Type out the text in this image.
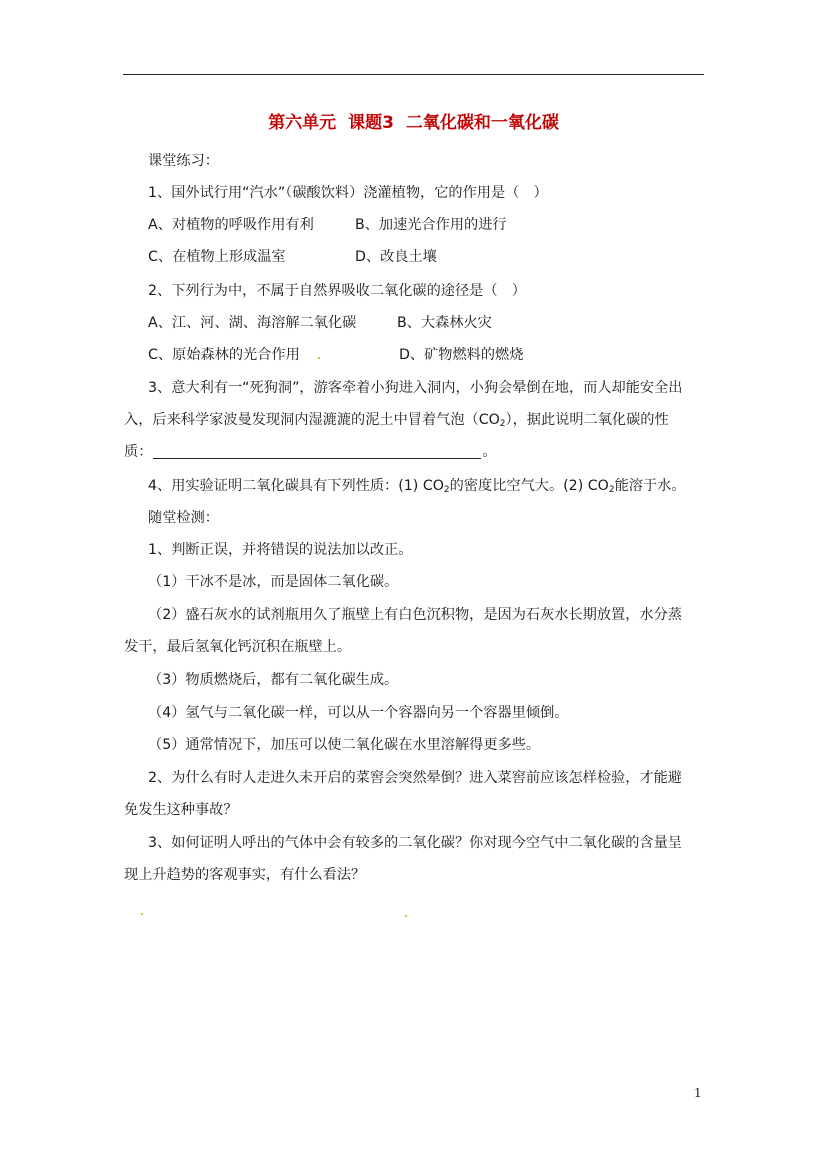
第六单元 课题3 二氧化碳和一氧化碳
课堂练习：
1、国外试行用“汽水”（碳酸饮料）浇灌植物，它的作用是（　）
A、对植物的呼吸作用有利	B、加速光合作用的进行
C、在植物上形成温室	D、改良土壤
2、下列行为中，不属于自然界吸收二氧化碳的途径是（　）
A、江、河、湖、海溶解二氧化碳	B、大森林火灾
C、原始森林的光合作用	D、矿物燃料的燃烧
3、意大利有一“死狗洞”，游客牵着小狗进入洞内，小狗会晕倒在地，而人却能安全出
入，后来科学家波曼发现洞内湿漉漉的泥土中冒着气泡$(CO_2)$，据此说明二氧化碳的性
质：	。
4、用实验证明二氧化碳具有下列性质：(1) $CO_2$的密度比空气大。(2) $CO_2$能溶于水。
随堂检测：
1、判断正误，并将错误的说法加以改正。
（1）干冰不是冰，而是固体二氧化碳。
（2）盛石灰水的试剂瓶用久了瓶壁上有白色沉积物，是因为石灰水长期放置，水分蒸
发干，最后氢氧化钙沉积在瓶壁上。
（3）物质燃烧后，都有二氧化碳生成。
（4）氢气与二氧化碳一样，可以从一个容器向另一个容器里倾倒。
（5）通常情况下，加压可以使二氧化碳在水里溶解得更多些。
2、为什么有时人走进久未开启的菜窖会突然晕倒？进入菜窖前应该怎样检验，才能避
免发生这种事故？
3、如何证明人呼出的气体中会有较多的二氧化碳？你对现今空气中二氧化碳的含量呈
现上升趋势的客观事实，有什么看法？
1
